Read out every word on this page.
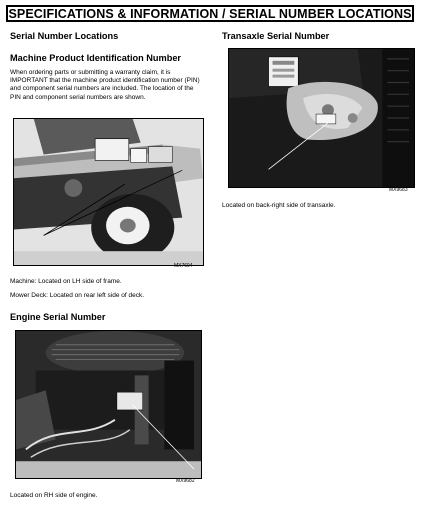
SPECIFICATIONS & INFORMATION / SERIAL NUMBER LOCATIONS
Serial Number Locations
Machine Product Identification Number
When ordering parts or submitting a warranty claim, it is IMPORTANT that the machine product identification number (PIN) and component serial numbers are included. The location of the PIN and component serial numbers are shown.
MX7694
Machine: Located on LH side of frame.
Mower Deck: Located on rear left side of deck.
Engine Serial Number
MX9682
Located on RH side of engine.
Transaxle Serial Number
MX9683
Located on back-right side of transaxle.
